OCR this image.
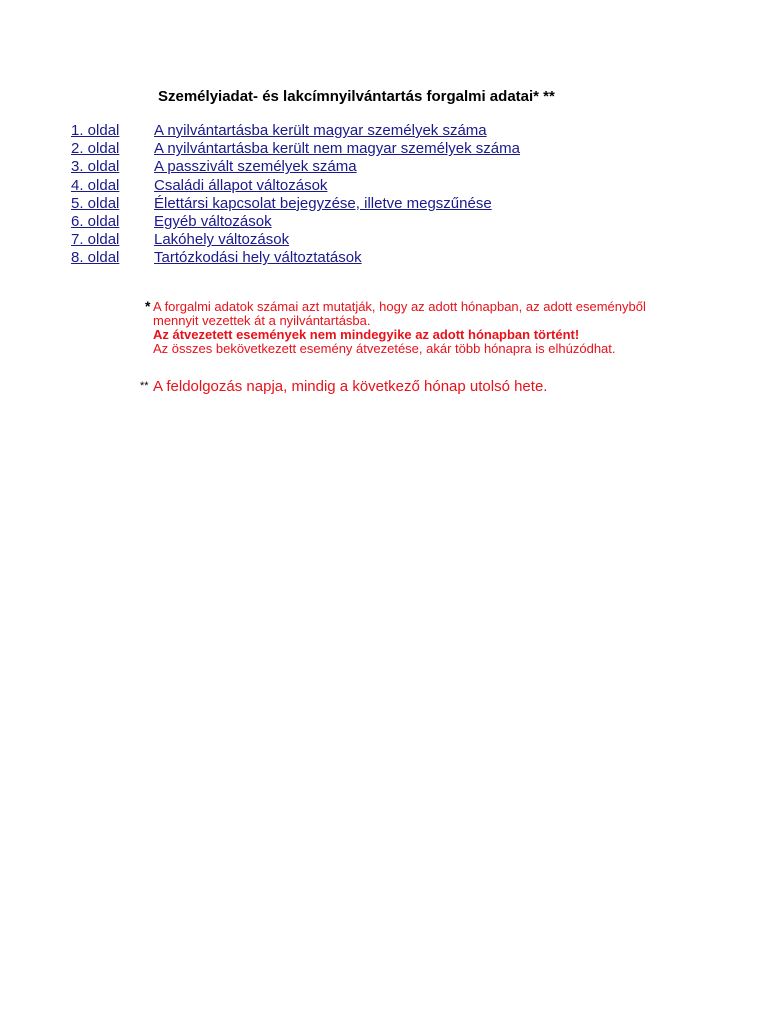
Személyiadat- és lakcímnyilvántartás forgalmi adatai* **
1. oldal A nyilvántartásba került magyar személyek száma
2. oldal A nyilvántartásba került nem magyar személyek száma
3. oldal A passzivált személyek száma
4. oldal Családi állapot változások
5. oldal Élettársi kapcsolat bejegyzése, illetve megszűnése
6. oldal Egyéb változások
7. oldal Lakóhely változások
8. oldal Tartózkodási hely változtatások
* A forgalmi adatok számai azt mutatják, hogy az adott hónapban, az adott eseményből
mennyit vezettek át a nyilvántartásba.
Az átvezetett események nem mindegyike az adott hónapban történt!
Az összes bekövetkezett esemény átvezetése, akár több hónapra is elhúzódhat.
** A feldolgozás napja, mindig a következő hónap utolsó hete.
